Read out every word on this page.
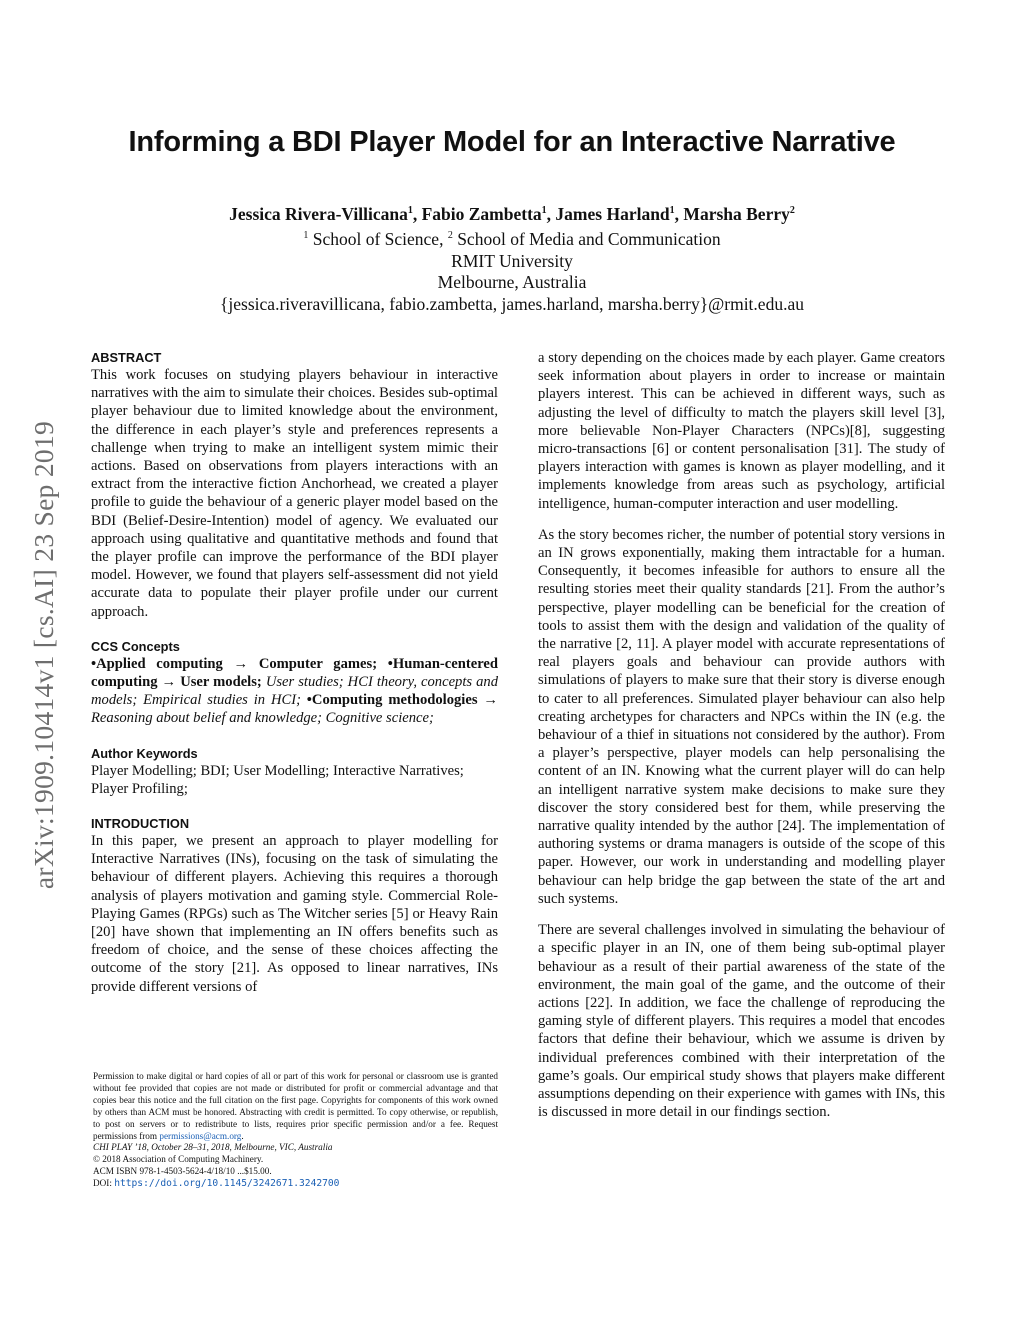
Informing a BDI Player Model for an Interactive Narrative
Jessica Rivera-Villicana$^1$, Fabio Zambetta$^1$, James Harland$^1$, Marsha Berry$^2$
$^1$ School of Science, $^2$ School of Media and Communication
RMIT University
Melbourne, Australia
{jessica.riveravillicana, fabio.zambetta, james.harland, marsha.berry}@rmit.edu.au
arXiv:1909.10414v1 [cs.AI] 23 Sep 2019
ABSTRACT

This work focuses on studying players behaviour in interactive narratives with the aim to simulate their choices. Besides sub-optimal player behaviour due to limited knowledge about the environment, the difference in each player’s style and preferences represents a challenge when trying to make an intelligent system mimic their actions. Based on observations from players interactions with an extract from the interactive fiction Anchorhead, we created a player profile to guide the behaviour of a generic player model based on the BDI (Belief-Desire-Intention) model of agency. We evaluated our approach using qualitative and quantitative methods and found that the player profile can improve the performance of the BDI player model. However, we found that players self-assessment did not yield accurate data to populate their player profile under our current approach.

CCS Concepts

•Applied computing → Computer games; •Human-centered computing → User models; User studies; HCI theory, concepts and models; Empirical studies in HCI; •Computing methodologies → Reasoning about belief and knowledge; Cognitive science;

Author Keywords

Player Modelling; BDI; User Modelling; Interactive Narratives; Player Profiling;

INTRODUCTION

In this paper, we present an approach to player modelling for Interactive Narratives (INs), focusing on the task of simulating the behaviour of different players. Achieving this requires a thorough analysis of players motivation and gaming style. Commercial Role-Playing Games (RPGs) such as The Witcher series [5] or Heavy Rain [20] have shown that implementing an IN offers benefits such as freedom of choice, and the sense of these choices affecting the outcome of the story [21]. As opposed to linear narratives, INs provide different versions of

Permission to make digital or hard copies of all or part of this work for personal or classroom use is granted without fee provided that copies are not made or distributed for profit or commercial advantage and that copies bear this notice and the full citation on the first page. Copyrights for components of this work owned by others than ACM must be honored. Abstracting with credit is permitted. To copy otherwise, or republish, to post on servers or to redistribute to lists, requires prior specific permission and/or a fee. Request permissions from permissions@acm.org.

CHI PLAY ’18, October 28–31, 2018, Melbourne, VIC, Australia

© 2018 Association of Computing Machinery.

ACM ISBN 978-1-4503-5624-4/18/10 ...$15.00.

DOI: https://doi.org/10.1145/3242671.3242700

a story depending on the choices made by each player. Game creators seek information about players in order to increase or maintain players interest. This can be achieved in different ways, such as adjusting the level of difficulty to match the players skill level [3], more believable Non-Player Characters (NPCs)[8], suggesting micro-transactions [6] or content personalisation [31]. The study of players interaction with games is known as player modelling, and it implements knowledge from areas such as psychology, artificial intelligence, human-computer interaction and user modelling.

As the story becomes richer, the number of potential story versions in an IN grows exponentially, making them intractable for a human. Consequently, it becomes infeasible for authors to ensure all the resulting stories meet their quality standards [21]. From the author’s perspective, player modelling can be beneficial for the creation of tools to assist them with the design and validation of the quality of the narrative [2, 11]. A player model with accurate representations of real players goals and behaviour can provide authors with simulations of players to make sure that their story is diverse enough to cater to all preferences. Simulated player behaviour can also help creating archetypes for characters and NPCs within the IN (e.g. the behaviour of a thief in situations not considered by the author). From a player’s perspective, player models can help personalising the content of an IN. Knowing what the current player will do can help an intelligent narrative system make decisions to make sure they discover the story considered best for them, while preserving the narrative quality intended by the author [24]. The implementation of authoring systems or drama managers is outside of the scope of this paper. However, our work in understanding and modelling player behaviour can help bridge the gap between the state of the art and such systems.

There are several challenges involved in simulating the behaviour of a specific player in an IN, one of them being sub-optimal player behaviour as a result of their partial awareness of the state of the environment, the main goal of the game, and the outcome of their actions [22]. In addition, we face the challenge of reproducing the gaming style of different players. This requires a model that encodes factors that define their behaviour, which we assume is driven by individual preferences combined with their interpretation of the game’s goals. Our empirical study shows that players make different assumptions depending on their experience with games with INs, this is discussed in more detail in our findings section.
